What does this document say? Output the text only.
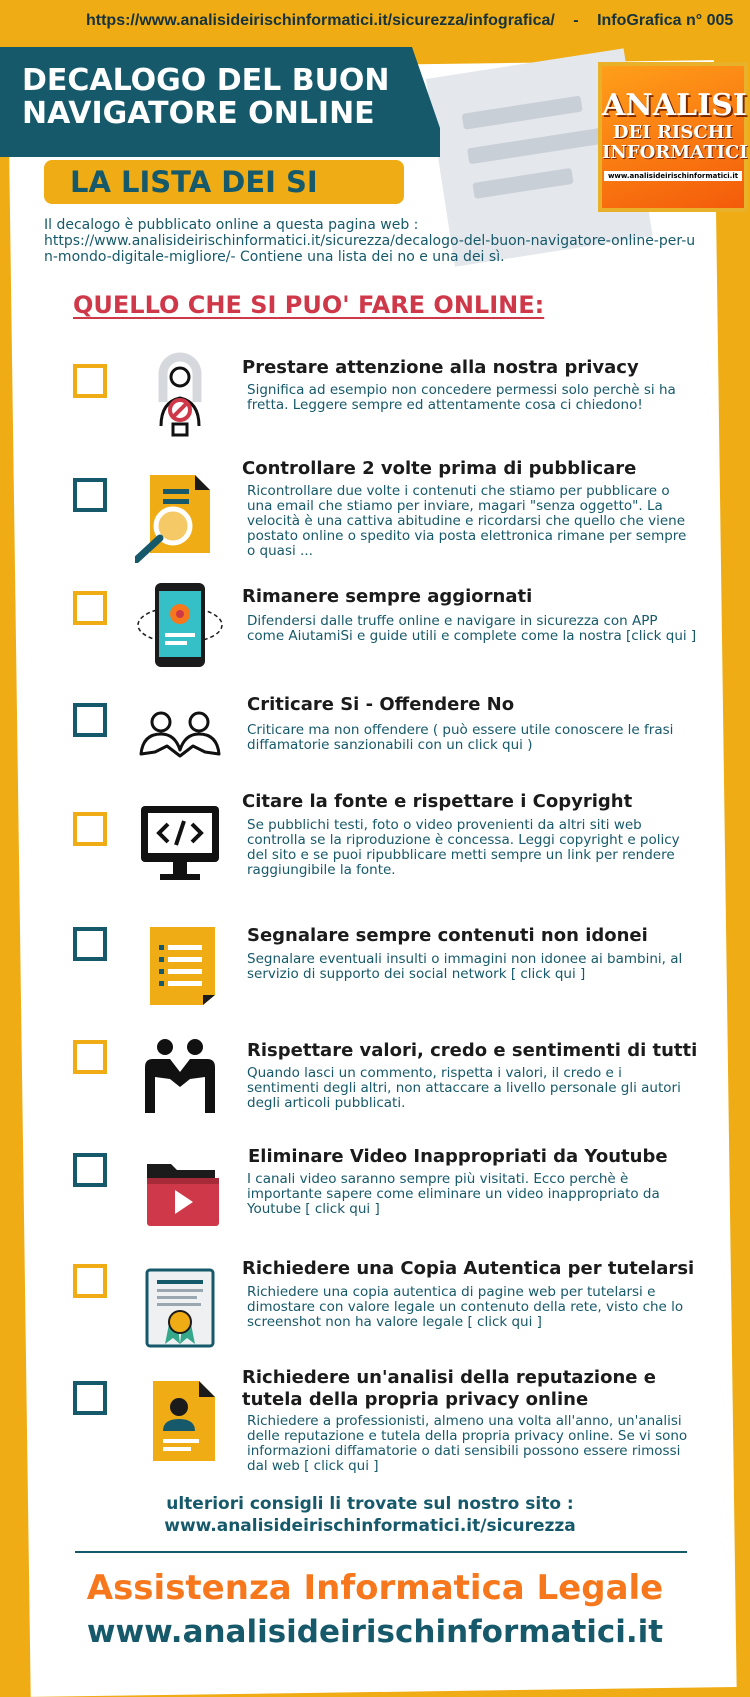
https://www.analisideirischinformatici.it/sicurezza/infografica/ - InfoGrafica n° 005
DECALOGO DEL BUON
NAVIGATORE ONLINE	ANALISI
DEI RISCHI
INFORMATICI
www.analisideirischinformatici.it
LA LISTA DEI SI
Il decalogo è pubblicato online a questa pagina web :
https://www.analisideirischinformatici.it/sicurezza/decalogo-del-buon-navigatore-online-per-un-mondo-digitale-migliore/- Contiene una lista dei no e una dei sì.
QUELLO CHE SI PUO' FARE ONLINE:
Prestare attenzione alla nostra privacy
Significa ad esempio non concedere permessi solo perchè si ha fretta. Leggere sempre ed attentamente cosa ci chiedono!
Controllare 2 volte prima di pubblicare
Ricontrollare due volte i contenuti che stiamo per pubblicare o una email che stiamo per inviare, magari "senza oggetto". La velocità è una cattiva abitudine e ricordarsi che quello che viene postato online o spedito via posta elettronica rimane per sempre o quasi ...
Rimanere sempre aggiornati
Difendersi dalle truffe online e navigare in sicurezza con APP come AiutamiSi e guide utili e complete come la nostra [click qui ]
Criticare Si - Offendere No
Criticare ma non offendere ( può essere utile conoscere le frasi diffamatorie sanzionabili con un click qui )
Citare la fonte e rispettare i Copyright
Se pubblichi testi, foto o video provenienti da altri siti web controlla se la riproduzione è concessa. Leggi copyright e policy del sito e se puoi ripubblicare metti sempre un link per rendere raggiungibile la fonte.
Segnalare sempre contenuti non idonei
Segnalare eventuali insulti o immagini non idonee ai bambini, al servizio di supporto dei social network [ click qui ]
Rispettare valori, credo e sentimenti di tutti
Quando lasci un commento, rispetta i valori, il credo e i sentimenti degli altri, non attaccare a livello personale gli autori degli articoli pubblicati.
Eliminare Video Inappropriati da Youtube
I canali video saranno sempre più visitati. Ecco perchè è importante sapere come eliminare un video inappropriato da Youtube [ click qui ]
Richiedere una Copia Autentica per tutelarsi
Richiedere una copia autentica di pagine web per tutelarsi e dimostare con valore legale un contenuto della rete, visto che lo screenshot non ha valore legale [ click qui ]
Richiedere un'analisi della reputazione e tutela della propria privacy online
Richiedere a professionisti, almeno una volta all'anno, un'analisi delle reputazione e tutela della propria privacy online. Se vi sono informazioni diffamatorie o dati sensibili possono essere rimossi dal web [ click qui ]
ulteriori consigli li trovate sul nostro sito :
www.analisideirischinformatici.it/sicurezza
Assistenza Informatica Legale
www.analisideirischinformatici.it
